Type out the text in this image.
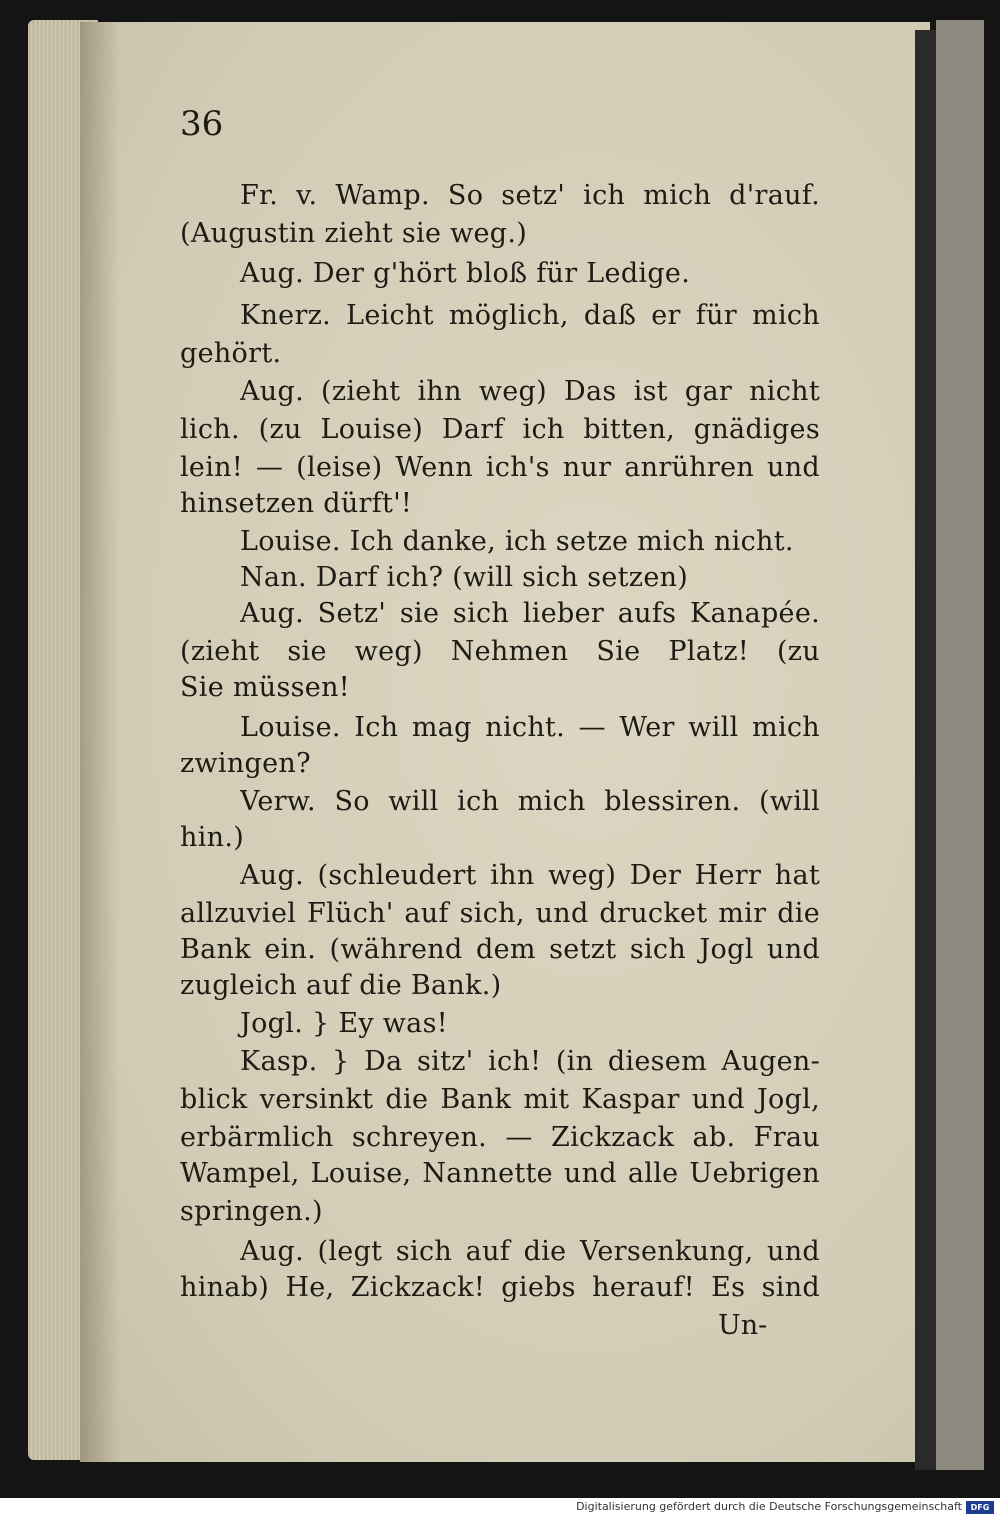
36
Fr. v. Wamp. So setz' ich mich d'rauf.
(Augustin zieht sie weg.)
Aug. Der g'hört bloß für Ledige.
Knerz. Leicht möglich, daß er für mich
gehört.
Aug. (zieht ihn weg) Das ist gar nicht
lich. (zu Louise) Darf ich bitten, gnädiges
lein! — (leise) Wenn ich's nur anrühren und
hinsetzen dürft'!
Louise. Ich danke, ich setze mich nicht.
Nan. Darf ich? (will sich setzen)
Aug. Setz' sie sich lieber aufs Kanapée.
(zieht sie weg) Nehmen Sie Platz! (zu
Sie müssen!
Louise. Ich mag nicht. — Wer will mich
zwingen?
Verw. So will ich mich blessiren. (will
hin.)
Aug. (schleudert ihn weg) Der Herr hat
allzuviel Flüch' auf sich, und drucket mir die
Bank ein. (während dem setzt sich Jogl und
zugleich auf die Bank.)
Jogl. } Ey was!
Kasp. } Da sitz' ich! (in diesem Augen-
blick versinkt die Bank mit Kaspar und Jogl,
erbärmlich schreyen. — Zickzack ab. Frau
Wampel, Louise, Nannette und alle Uebrigen
springen.)
Aug. (legt sich auf die Versenkung, und
hinab) He, Zickzack! giebs herauf! Es sind
Un-
Digitalisierung gefördert durch die Deutsche Forschungsgemeinschaft	DFG
